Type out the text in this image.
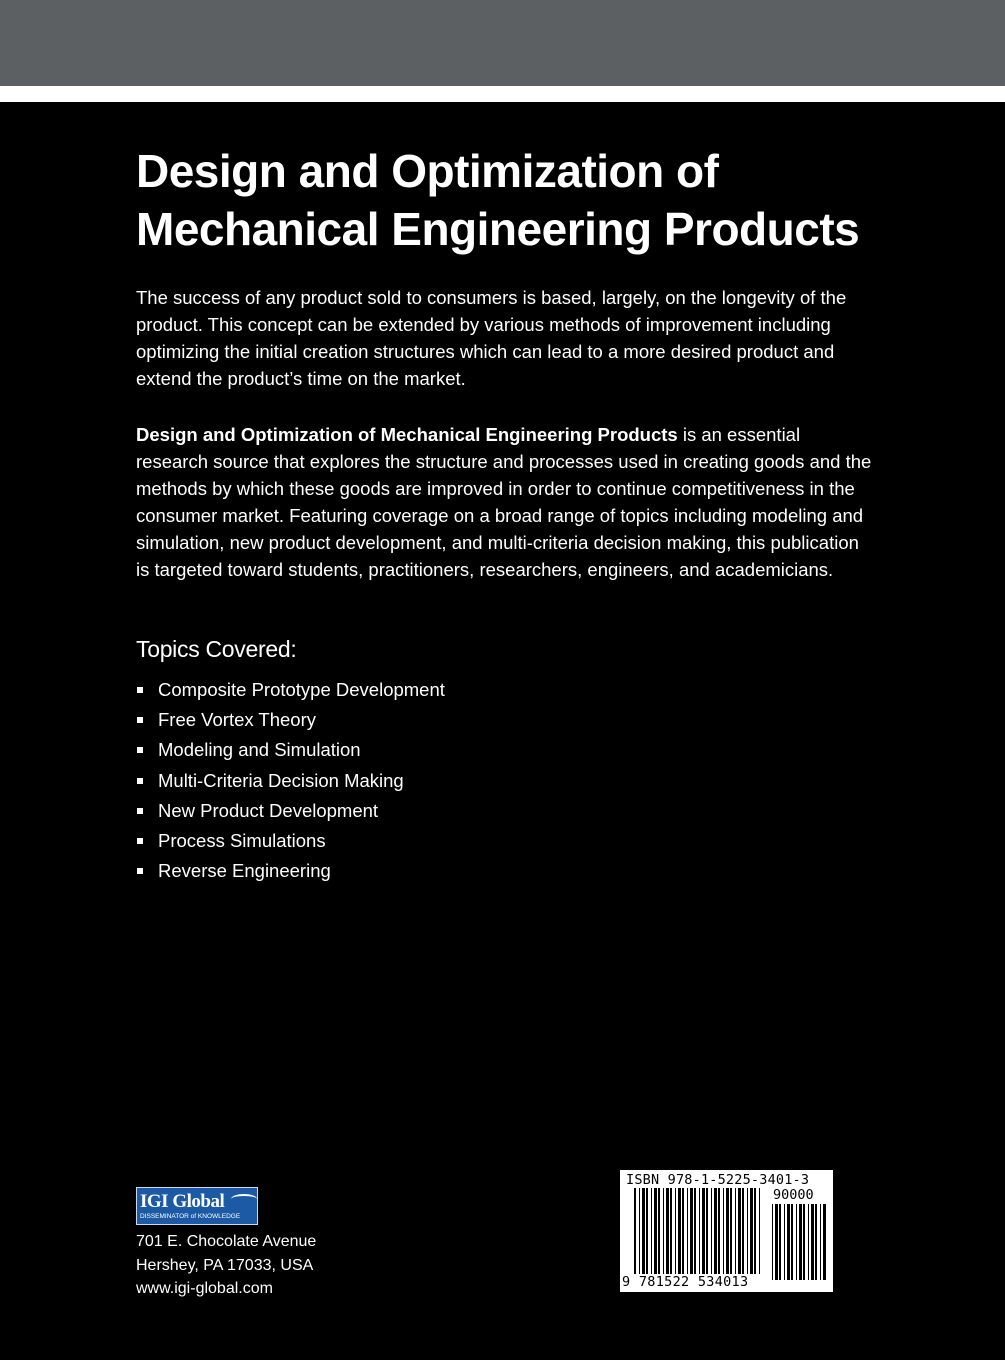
Design and Optimization of
Mechanical Engineering Products

The success of any product sold to consumers is based, largely, on the longevity of the product. This concept can be extended by various methods of improvement including optimizing the initial creation structures which can lead to a more desired product and extend the product’s time on the market.

Design and Optimization of Mechanical Engineering Products is an essential research source that explores the structure and processes used in creating goods and the methods by which these goods are improved in order to continue competitiveness in the consumer market. Featuring coverage on a broad range of topics including modeling and simulation, new product development, and multi-criteria decision making, this publication is targeted toward students, practitioners, researchers, engineers, and academicians.

Topics Covered:
Composite Prototype Development
Free Vortex Theory
Modeling and Simulation
Multi-Criteria Decision Making
New Product Development
Process Simulations
Reverse Engineering
IGI Global
DISSEMINATOR of KNOWLEDGE

701 E. Chocolate Avenue
Hershey, PA 17033, USA
www.igi-global.com

ISBN 978-1-5225-3401-3
90000
9 781522 534013
